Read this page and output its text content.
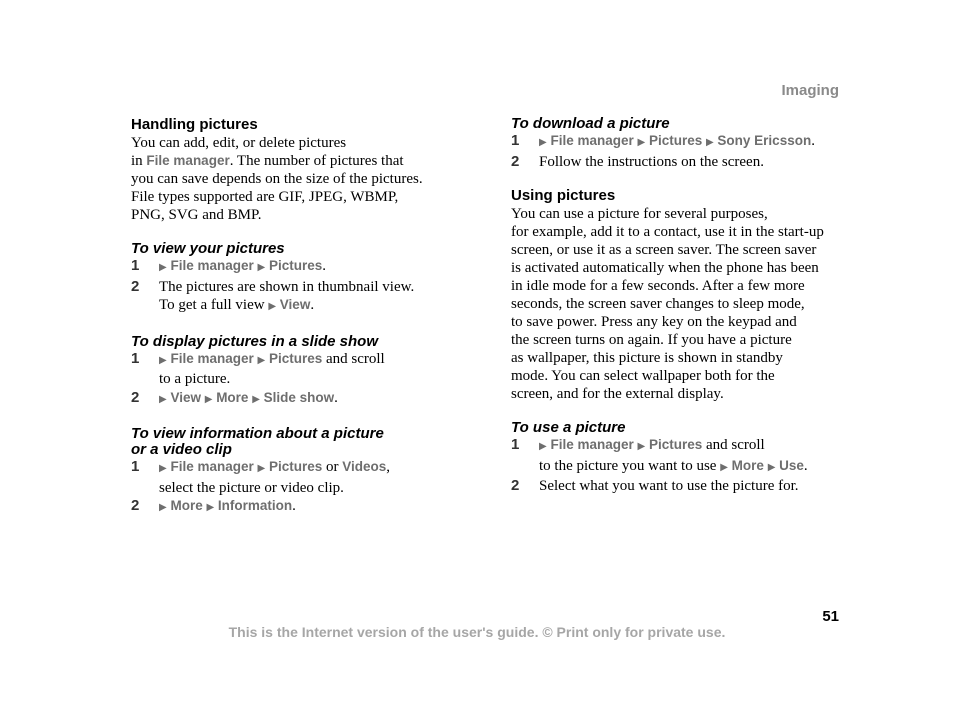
Imaging

Handling pictures

You can add, edit, or delete pictures

in File manager. The number of pictures that

you can save depends on the size of the pictures.

File types supported are GIF, JPEG, WBMP,

PNG, SVG and BMP.

To view your pictures

1 ▶ File manager ▶ Pictures.

2 The pictures are shown in thumbnail view.
To get a full view ▶ View.

To display pictures in a slide show

1 ▶ File manager ▶ Pictures and scroll
to a picture.

2 ▶ View ▶ More ▶ Slide show.

To view information about a picture
or a video clip

1 ▶ File manager ▶ Pictures or Videos,
select the picture or video clip.

2 ▶ More ▶ Information.

To download a picture

1 ▶ File manager ▶ Pictures ▶ Sony Ericsson.

2 Follow the instructions on the screen.

Using pictures

You can use a picture for several purposes,

for example, add it to a contact, use it in the start-up

screen, or use it as a screen saver. The screen saver

is activated automatically when the phone has been

in idle mode for a few seconds. After a few more

seconds, the screen saver changes to sleep mode,

to save power. Press any key on the keypad and

the screen turns on again. If you have a picture

as wallpaper, this picture is shown in standby

mode. You can select wallpaper both for the

screen, and for the external display.

To use a picture

1 ▶ File manager ▶ Pictures and scroll
to the picture you want to use ▶ More ▶ Use.

2 Select what you want to use the picture for.

51
This is the Internet version of the user's guide. © Print only for private use.
